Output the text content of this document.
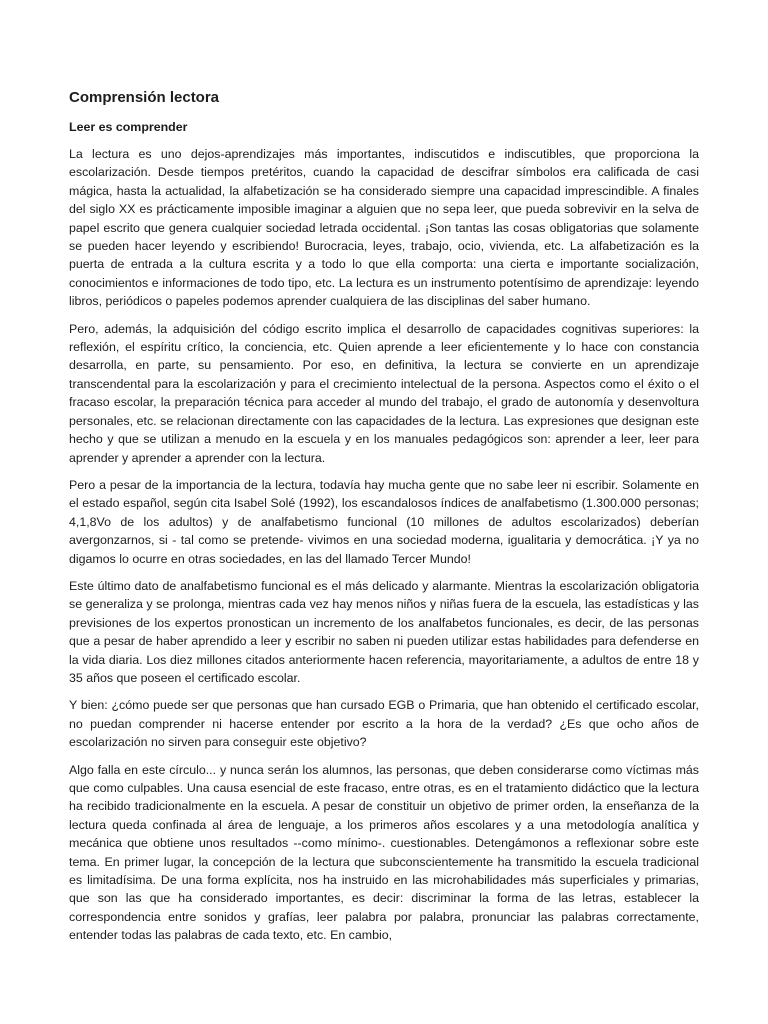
Comprensión lectora
Leer es comprender

La lectura es uno dejos-aprendizajes más importantes, indiscutidos e indiscutibles, que proporciona la escolarización. Desde tiempos pretéritos, cuando la capacidad de descifrar símbolos era calificada de casi mágica, hasta la actualidad, la alfabetización se ha considerado siempre una capacidad imprescindible. A finales del siglo XX es prácticamente imposible imaginar a alguien que no sepa leer, que pueda sobrevivir en la selva de papel escrito que genera cualquier sociedad letrada occidental. ¡Son tantas las cosas obligatorias que solamente se pueden hacer leyendo y escribiendo! Burocracia, leyes, trabajo, ocio, vivienda, etc. La alfabetización es la puerta de entrada a la cultura escrita y a todo lo que ella comporta: una cierta e importante socialización, conocimientos e informaciones de todo tipo, etc. La lectura es un instrumento potentísimo de aprendizaje: leyendo libros, periódicos o papeles podemos aprender cualquiera de las disciplinas del saber humano.

Pero, además, la adquisición del código escrito implica el desarrollo de capacidades cognitivas superiores: la reflexión, el espíritu crítico, la conciencia, etc. Quien aprende a leer eficientemente y lo hace con constancia desarrolla, en parte, su pensamiento. Por eso, en definitiva, la lectura se convierte en un aprendizaje transcendental para la escolarización y para el crecimiento intelectual de la persona. Aspectos como el éxito o el fracaso escolar, la preparación técnica para acceder al mundo del trabajo, el grado de autonomía y desenvoltura personales, etc. se relacionan directamente con las capacidades de la lectura. Las expresiones que designan este hecho y que se utilizan a menudo en la escuela y en los manuales pedagógicos son: aprender a leer, leer para aprender y aprender a aprender con la lectura.

Pero a pesar de la importancia de la lectura, todavía hay mucha gente que no sabe leer ni escribir. Solamente en el estado español, según cita Isabel Solé (1992), los escandalosos índices de analfabetismo (1.300.000 personas; 4,1,8Vo de los adultos) y de analfabetismo funcional (10 millones de adultos escolarizados) deberían avergonzarnos, si - tal como se pretende- vivimos en una sociedad moderna, igualitaria y democrática. ¡Y ya no digamos lo ocurre en otras sociedades, en las del llamado Tercer Mundo!

Este último dato de analfabetismo funcional es el más delicado y alarmante. Mientras la escolarización obligatoria se generaliza y se prolonga, mientras cada vez hay menos niños y niñas fuera de la escuela, las estadísticas y las previsiones de los expertos pronostican un incremento de los analfabetos funcionales, es decir, de las personas que a pesar de haber aprendido a leer y escribir no saben ni pueden utilizar estas habilidades para defenderse en la vida diaria. Los diez millones citados anteriormente hacen referencia, mayoritariamente, a adultos de entre 18 y 35 años que poseen el certificado escolar.

Y bien: ¿cómo puede ser que personas que han cursado EGB o Primaria, que han obtenido el certificado escolar, no puedan comprender ni hacerse entender por escrito a la hora de la verdad? ¿Es que ocho años de escolarización no sirven para conseguir este objetivo?

Algo falla en este círculo... y nunca serán los alumnos, las personas, que deben considerarse como víctimas más que como culpables. Una causa esencial de este fracaso, entre otras, es en el tratamiento didáctico que la lectura ha recibido tradicionalmente en la escuela. A pesar de constituir un objetivo de primer orden, la enseñanza de la lectura queda confinada al área de lenguaje, a los primeros años escolares y a una metodología analítica y mecánica que obtiene unos resultados --como mínimo-. cuestionables. Detengámonos a reflexionar sobre este tema. En primer lugar, la concepción de la lectura que subconscientemente ha transmitido la escuela tradicional es limitadísima. De una forma explícita, nos ha instruido en las microhabilidades más superficiales y primarias, que son las que ha considerado importantes, es decir: discriminar la forma de las letras, establecer la correspondencia entre sonidos y grafías, leer palabra por palabra, pronunciar las palabras correctamente, entender todas las palabras de cada texto, etc. En cambio,
